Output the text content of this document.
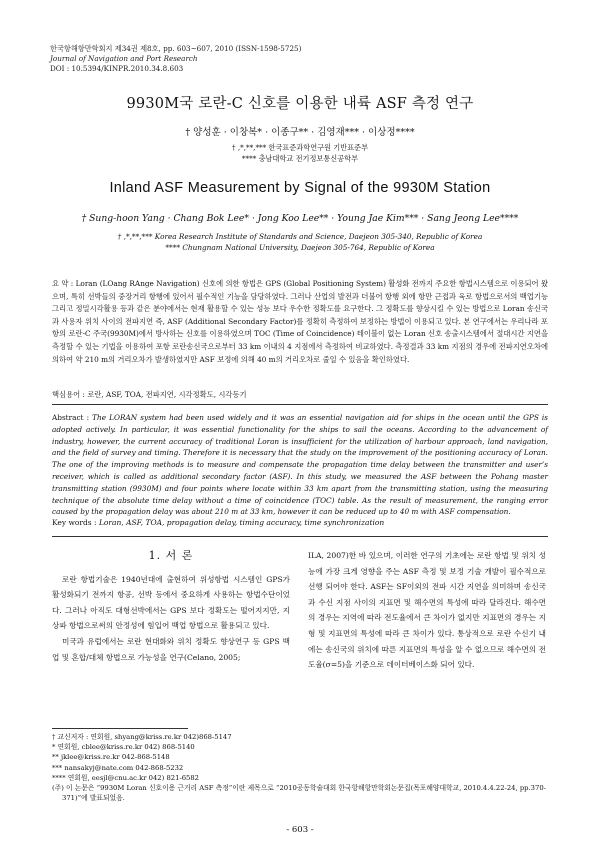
한국항해항만학회지 제34권 제8호, pp. 603~607, 2010 (ISSN-1598-5725)
Journal of Navigation and Port Research
DOI : 10.5394/KINPR.2010.34.8.603
9930M국 로란-C 신호를 이용한 내륙 ASF 측정 연구
† 양성훈 · 이창복* · 이종구** · 김영재*** · 이상정****
† ,*,**,*** 한국표준과학연구원 기반표준부
**** 충남대학교 전기정보통신공학부
Inland ASF Measurement by Signal of the 9930M Station
† Sung-hoon Yang · Chang Bok Lee* · Jong Koo Lee** · Young Jae Kim*** · Sang Jeong Lee****
† ,*,**,*** Korea Research Institute of Standards and Science, Daejeon 305-340, Republic of Korea
**** Chungnam National University, Daejeon 305-764, Republic of Korea
요 약 : Loran (LOang RAnge Navigation) 신호에 의한 항법은 GPS (Global Positioning System) 활성화 전까지 주요한 항법시스템으로 이용되어 왔으며, 특히 선박들의 중장거리 항행에 있어서 필수적인 기능을 담당하였다. 그러나 산업의 발전과 더불어 항행 외에 항만 근접과 육로 항법으로서의 백업기능 그리고 정밀시각활용 등과 같은 분야에서는 현재 활용할 수 있는 성능 보다 우수한 정확도를 요구한다. 그 정확도를 향상시킬 수 있는 방법으로 Loran 송신국과 사용자 위치 사이의 전파지연 즉, ASF (Additional Secondary Factor)를 정확히 측정하여 보정하는 방법이 이용되고 있다. 본 연구에서는 우리나라 포항의 로란-C 주국(9930M)에서 방사하는 신호를 이용하였으며 TOC (Time of Coincidence) 테이블이 없는 Loran 신호 송출시스템에서 절대시간 지연을 측정할 수 있는 기법을 이용하여 포항 로란송신국으로부터 33 km 이내의 4 지점에서 측정하여 비교하였다. 측정결과 33 km 지점의 경우에 전파지연오차에 의하여 약 210 m의 거리오차가 발생하였지만 ASF 보정에 의해 40 m의 거리오차로 줄일 수 있음을 확인하였다.
핵심용어 : 로란, ASF, TOA, 전파지연, 시각정확도, 시각동기
Abstract : The LORAN system had been used widely and it was an essential navigation aid for ships in the ocean until the GPS is adopted actively. In particular, it was essential functionality for the ships to sail the oceans. According to the advancement of industry, however, the current accuracy of traditional Loran is insufficient for the utilization of harbour approach, land navigation, and the field of survey and timing. Therefore it is necessary that the study on the improvement of the positioning accuracy of Loran. The one of the improving methods is to measure and compensate the propagation time delay between the transmitter and user’s receiver, which is called as additional secondary factor (ASF). In this study, we measured the ASF between the Pohang master transmitting station (9930M) and four points where locate within 33 km apart from the transmitting station, using the measuring technique of the absolute time delay without a time of coincidence (TOC) table. As the result of measurement, the ranging error caused by the propagation delay was about 210 m at 33 km, however it can be reduced up to 40 m with ASF compensation.
Key words : Loran, ASF, TOA, propagation delay, timing accuracy, time synchronization
1. 서 론

로란 항법기술은 1940년대에 출현하여 위성항법 시스템인 GPS가 활성화되기 전까지 항공, 선박 등에서 중요하게 사용하는 항법수단이었다. 그러나 아직도 대형선박에서는 GPS 보다 정확도는 떨어지지만, 지상파 항법으로써의 안정성에 힘입어 백업 항법으로 활용되고 있다.

미국과 유럽에서는 로란 현대화와 위치 정확도 향상연구 등 GPS 백업 및 혼합/대체 항법으로 가능성을 연구(Celano, 2005;

ILA, 2007)한 바 있으며, 이러한 연구의 기초에는 로란 항법 및 위치 성능에 가장 크게 영향을 주는 ASF 측정 및 보정 기술 개발이 필수적으로 선행 되어야 한다. ASF는 SF이외의 전파 시간 지연을 의미하며 송신국과 수신 지점 사이의 지표면 및 해수면의 특성에 따라 달라진다. 해수면의 경우는 지역에 따라 전도율에서 큰 차이가 없지만 지표면의 경우는 지형 및 지표면의 특성에 따라 큰 차이가 있다. 통상적으로 로란 수신기 내에는 송신국의 위치에 따른 지표면의 특성을 알 수 없으므로 해수면의 전도율(σ=5)을 기준으로 데이터베이스화 되어 있다.

† 교신저자 : 연회원, shyang@kriss.re.kr 042)868-5147
* 연회원, cblee@kriss.re.kr 042) 868-5140
** jklee@kriss.re.kr 042-868-5148
*** nansakyj@nate.com 042-868-5232
**** 연회원, eesjl@cnu.ac.kr 042) 821-6582
(주) 이 논문은 “9930M Loran 신호이용 근거리 ASF 측정”이란 제목으로 “2010공동학술대회 한국항해항만학회논문집(목포해양대학교, 2010.4.4.22-24, pp.370-371)”에 발표되었음.
- 603 -
